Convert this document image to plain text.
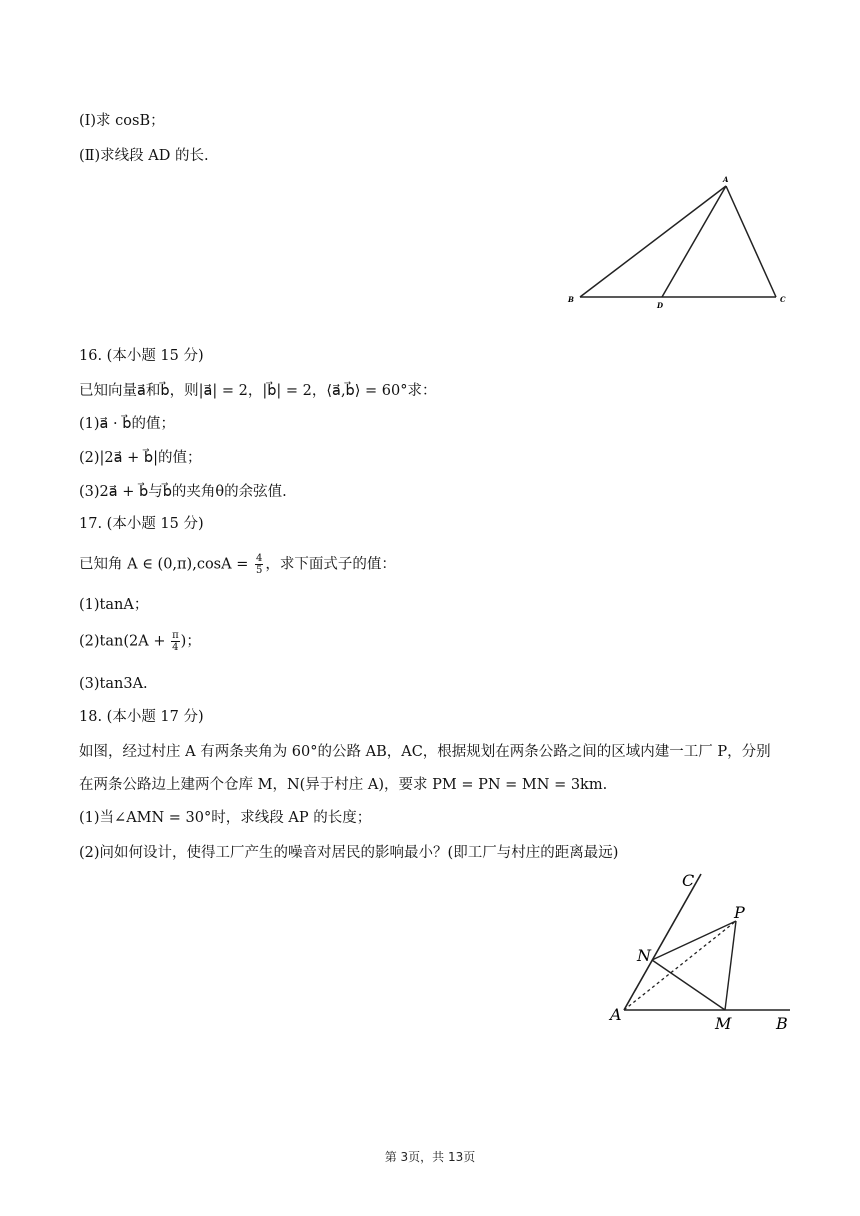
(Ⅰ)求 cosB；
(Ⅱ)求线段 AD 的长.
A
B
D
C
16. (本小题 15 分)
已知向量a⃗和b⃗，则|a⃗| = 2，|b⃗| = 2，⟨a⃗,b⃗⟩ = 60°求：
(1)a⃗ · b⃗的值；
(2)|2a⃗ + b⃗|的值；
(3)2a⃗ + b⃗与b⃗的夹角θ的余弦值.
17. (本小题 15 分)
已知角 A ∈ $(0,\pi),\cos A = \frac{4}{5}$ ，求下面式子的值：
(1)tanA；
$(2)\tan(2A + \frac{\pi}{4}$ )；
(3)tan3A.
18. (本小题 17 分)
如图，经过村庄 A 有两条夹角为 60°的公路 AB，AC，根据规划在两条公路之间的区域内建一工厂 P，分别
在两条公路边上建两个仓库 M，N(异于村庄 A)，要求 PM = PN = MN = 3km.
(1)当∠AMN = 30°时，求线段 AP 的长度；
(2)问如何设计，使得工厂产生的噪音对居民的影响最小？(即工厂与村庄的距离最远)
C
P
N
A	M	B
第 3页，共 13页
